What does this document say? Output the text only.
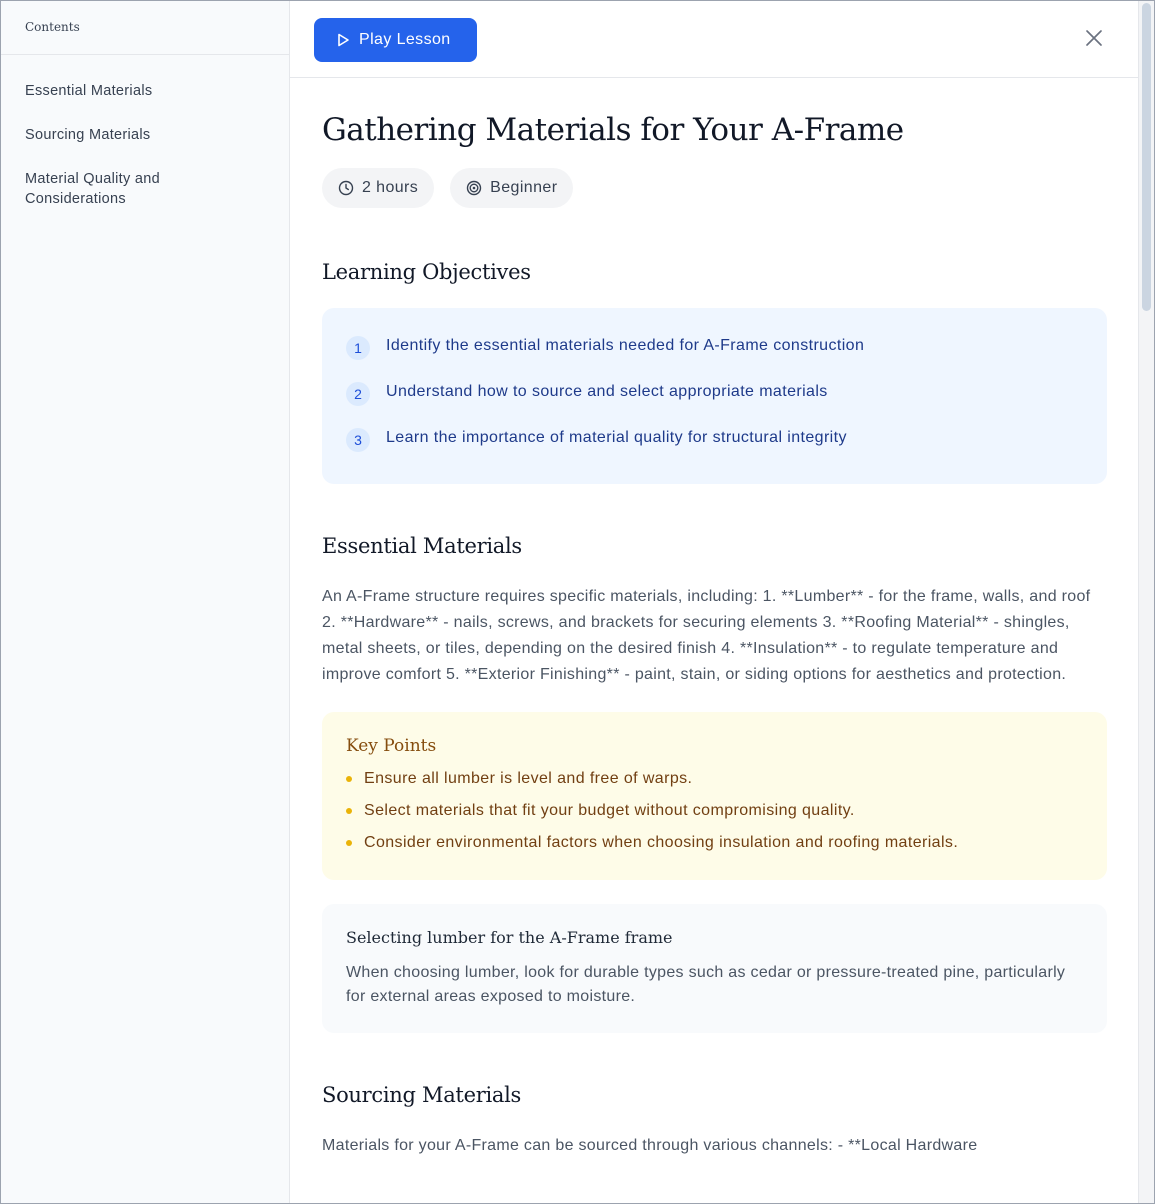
Contents
Essential Materials
Sourcing Materials
Material Quality and Considerations
Play Lesson
Gathering Materials for Your A-Frame
2 hours	Beginner
Learning Objectives
1	Identify the essential materials needed for A-Frame construction
2	Understand how to source and select appropriate materials
3	Learn the importance of material quality for structural integrity
Essential Materials

An A-Frame structure requires specific materials, including: 1. **Lumber** - for the frame, walls, and roof 2. **Hardware** - nails, screws, and brackets for securing elements 3. **Roofing Material** - shingles, metal sheets, or tiles, depending on the desired finish 4. **Insulation** - to regulate temperature and improve comfort 5. **Exterior Finishing** - paint, stain, or siding options for aesthetics and protection.

Key Points
Ensure all lumber is level and free of warps.
Select materials that fit your budget without compromising quality.
Consider environmental factors when choosing insulation and roofing materials.
Selecting lumber for the A-Frame frame

When choosing lumber, look for durable types such as cedar or pressure-treated pine, particularly for external areas exposed to moisture.

Sourcing Materials

Materials for your A-Frame can be sourced through various channels: - **Local Hardware
